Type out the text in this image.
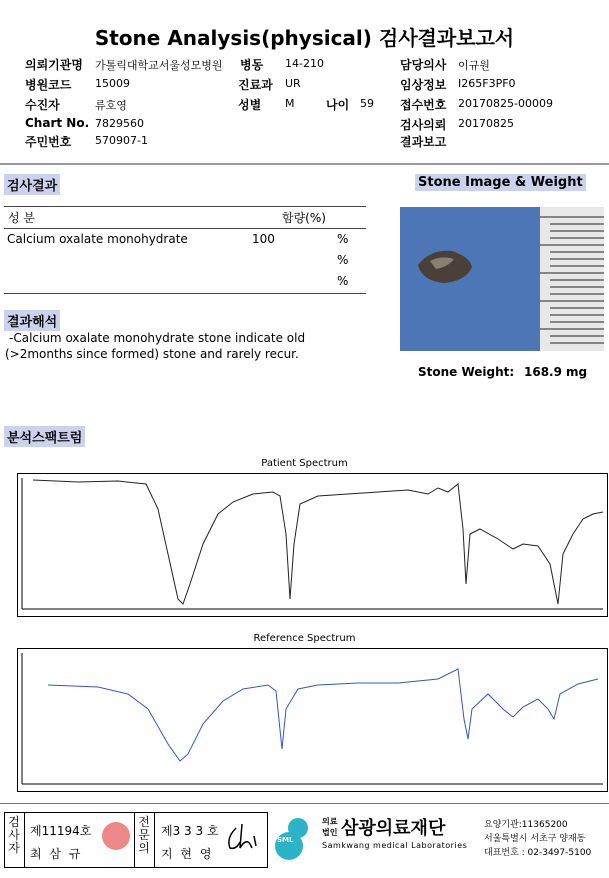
Stone Analysis(physical) 검사결과보고서
의뢰기관명 가톨릭대학교서울성모병원
병원코드 15009
수진자	류호영
Chart No. 7829560
주민번호 570907-1
병동 14-210
진료과 UR
성별 M	나이 59
담당의사 이규원
임상정보 I265F3PF0
접수번호 20170825-00009
검사의뢰 20170825
결과보고
검사결과
성 분	함량(%)
Calcium oxalate monohydrate	100	%
%
%
결과해석
-Calcium oxalate monohydrate stone indicate old
(>2months since formed) stone and rarely recur.
Stone Image & Weight
Stone Weight: 168.9 mg
분석스팩트럼
Patient Spectrum
Reference Spectrum
검사자
제11194호
최 삼 규
전문의
제3 3 3 호
지 현 영
SML
의료
법인 삼광의료재단
Samkwang medical Laboratories
요양기관:11365200
서울특별시 서초구 양재동
대표번호 : 02-3497-5100
